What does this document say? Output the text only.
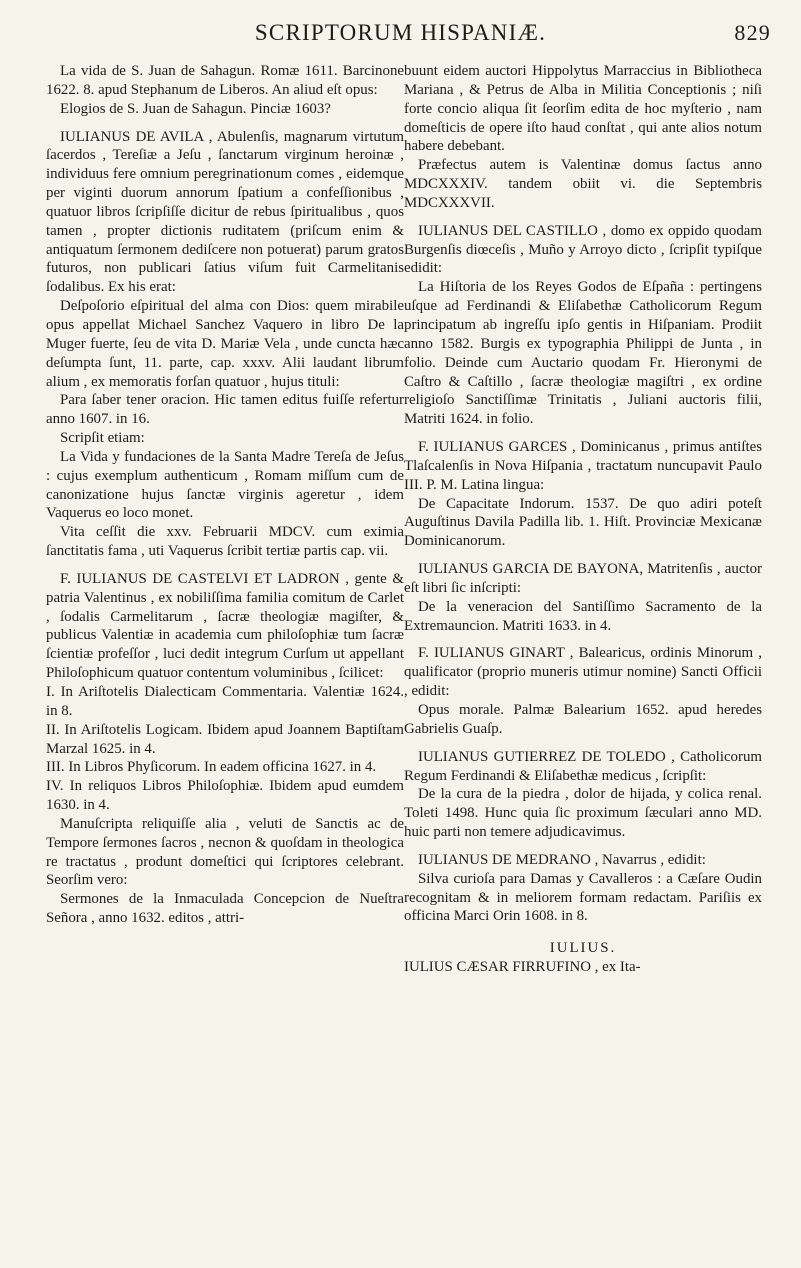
SCRIPTORUM HISPANIÆ.	829

La vida de S. Juan de Sahagun. Romæ 1611. Barcinone 1622. 8. apud Stephanum de Liberos. An aliud eſt opus:

Elogios de S. Juan de Sahagun. Pinciæ 1603?

IULIANUS DE AVILA , Abulenſis, magnarum virtutum ſacerdos , Tereſiæ a Jeſu , ſanctarum virginum heroinæ , individuus fere omnium peregrinationum comes , eidemque per viginti duorum annorum ſpatium a confeſſionibus , quatuor libros ſcripſiſſe dicitur de rebus ſpiritualibus , quos tamen , propter dictionis ruditatem (priſcum enim & antiquatum ſermonem dediſcere non potuerat) parum gratos futuros, non publicari ſatius viſum fuit Carmelitanis ſodalibus. Ex his erat:

Deſpoſorio eſpiritual del alma con Dios: quem mirabile opus appellat Michael Sanchez Vaquero in libro De la Muger fuerte, ſeu de vita D. Mariæ Vela , unde cuncta hæc deſumpta ſunt, 11. parte, cap. xxxv. Alii laudant librum alium , ex memoratis forſan quatuor , hujus tituli:

Para ſaber tener oracion. Hic tamen editus fuiſſe refertur anno 1607. in 16.

Scripſit etiam:

La Vida y fundaciones de la Santa Madre Tereſa de Jeſus : cujus exemplum authenticum , Romam miſſum cum de canonizatione hujus ſanctæ virginis ageretur , idem Vaquerus eo loco monet.

Vita ceſſit die xxv. Februarii MDCV. cum eximia ſanctitatis fama , uti Vaquerus ſcribit tertiæ partis cap. vii.

F. IULIANUS DE CASTELVI ET LADRON , gente & patria Valentinus , ex nobiliſſima familia comitum de Carlet , ſodalis Carmelitarum , ſacræ theologiæ magiſter, & publicus Valentiæ in academia cum philoſophiæ tum ſacræ ſcientiæ profeſſor , luci dedit integrum Curſum ut appellant Philoſophicum quatuor contentum voluminibus , ſcilicet:

I. In Ariſtotelis Dialecticam Commentaria. Valentiæ 1624. in 8.

II. In Ariſtotelis Logicam. Ibidem apud Joannem Baptiſtam Marzal 1625. in 4.

III. In Libros Phyſicorum. In eadem officina 1627. in 4.

IV. In reliquos Libros Philoſophiæ. Ibidem apud eumdem 1630. in 4.

Manuſcripta reliquiſſe alia , veluti de Sanctis ac de Tempore ſermones ſacros , necnon & quoſdam in theologica re tractatus , produnt domeſtici qui ſcriptores celebrant. Seorſim vero:

Sermones de la Inmaculada Concepcion de Nueſtra Señora , anno 1632. editos , attri-

buunt eidem auctori Hippolytus Marraccius in Bibliotheca Mariana , & Petrus de Alba in Militia Conceptionis ; niſi forte concio aliqua ſit ſeorſim edita de hoc myſterio , nam domeſticis de opere iſto haud conſtat , qui ante alios notum habere debebant.

Præfectus autem is Valentinæ domus ſactus anno MDCXXXIV. tandem obiit vi. die Septembris MDCXXXVII.

IULIANUS DEL CASTILLO , domo ex oppido quodam Burgenſis diœceſis , Muño y Arroyo dicto , ſcripſit typiſque edidit:

La Hiſtoria de los Reyes Godos de Eſpaña : pertingens uſque ad Ferdinandi & Eliſabethæ Catholicorum Regum principatum ab ingreſſu ipſo gentis in Hiſpaniam. Prodiit anno 1582. Burgis ex typographia Philippi de Junta , in folio. Deinde cum Auctario quodam Fr. Hieronymi de Caſtro & Caſtillo , ſacræ theologiæ magiſtri , ex ordine religioſo Sanctiſſimæ Trinitatis , Juliani auctoris filii, Matriti 1624. in folio.

F. IULIANUS GARCES , Dominicanus , primus antiſtes Tlaſcalenſis in Nova Hiſpania , tractatum nuncupavit Paulo III. P. M. Latina lingua:

De Capacitate Indorum. 1537. De quo adiri poteſt Auguſtinus Davila Padilla lib. 1. Hiſt. Provinciæ Mexicanæ Dominicanorum.

IULIANUS GARCIA DE BAYONA, Matritenſis , auctor eſt libri ſic inſcripti:

De la veneracion del Santiſſimo Sacramento de la Extremauncion. Matriti 1633. in 4.

F. IULIANUS GINART , Balearicus, ordinis Minorum , qualificator (proprio muneris utimur nomine) Sancti Officii , edidit:

Opus morale. Palmæ Balearium 1652. apud heredes Gabrielis Guaſp.

IULIANUS GUTIERREZ DE TOLEDO , Catholicorum Regum Ferdinandi & Eliſabethæ medicus , ſcripſit:

De la cura de la piedra , dolor de hijada, y colica renal. Toleti 1498. Hunc quia ſic proximum ſæculari anno MD. huic parti non temere adjudicavimus.

IULIANUS DE MEDRANO , Navarrus , edidit:

Silva curioſa para Damas y Cavalleros : a Cæſare Oudin recognitam & in meliorem formam redactam. Pariſiis ex officina Marci Orin 1608. in 8.

IULIUS.

IULIUS CÆSAR FIRRUFINO , ex Ita-
